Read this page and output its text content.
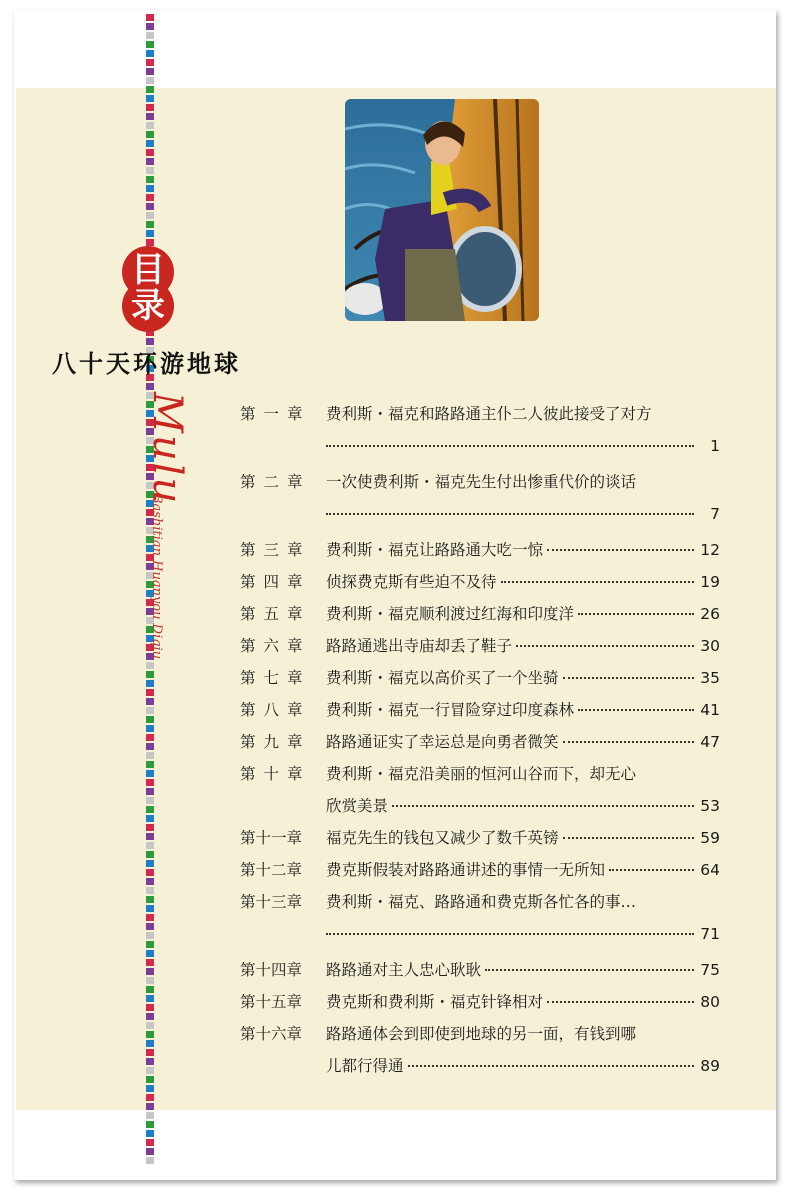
目
录
八十天环游地球
Mulu
Bashitian Huanyou Diqiu
第一章 费利斯・福克和路路通主仆二人彼此接受了对方
1
第二章 一次使费利斯・福克先生付出惨重代价的谈话
7
第三章 费利斯・福克让路路通大吃一惊	12
第四章 侦探费克斯有些迫不及待	19
第五章 费利斯・福克顺利渡过红海和印度洋	26
第六章 路路通逃出寺庙却丢了鞋子	30
第七章 费利斯・福克以高价买了一个坐骑	35
第八章 费利斯・福克一行冒险穿过印度森林	41
第九章 路路通证实了幸运总是向勇者微笑	47
第十章 费利斯・福克沿美丽的恒河山谷而下，却无心
欣赏美景	53
第十一章	福克先生的钱包又减少了数千英镑	59
第十二章	费克斯假装对路路通讲述的事情一无所知	64
第十三章	费利斯・福克、路路通和费克斯各忙各的事…
71
第十四章	路路通对主人忠心耿耿	75
第十五章	费克斯和费利斯・福克针锋相对	80
第十六章	路路通体会到即使到地球的另一面，有钱到哪
儿都行得通	89
